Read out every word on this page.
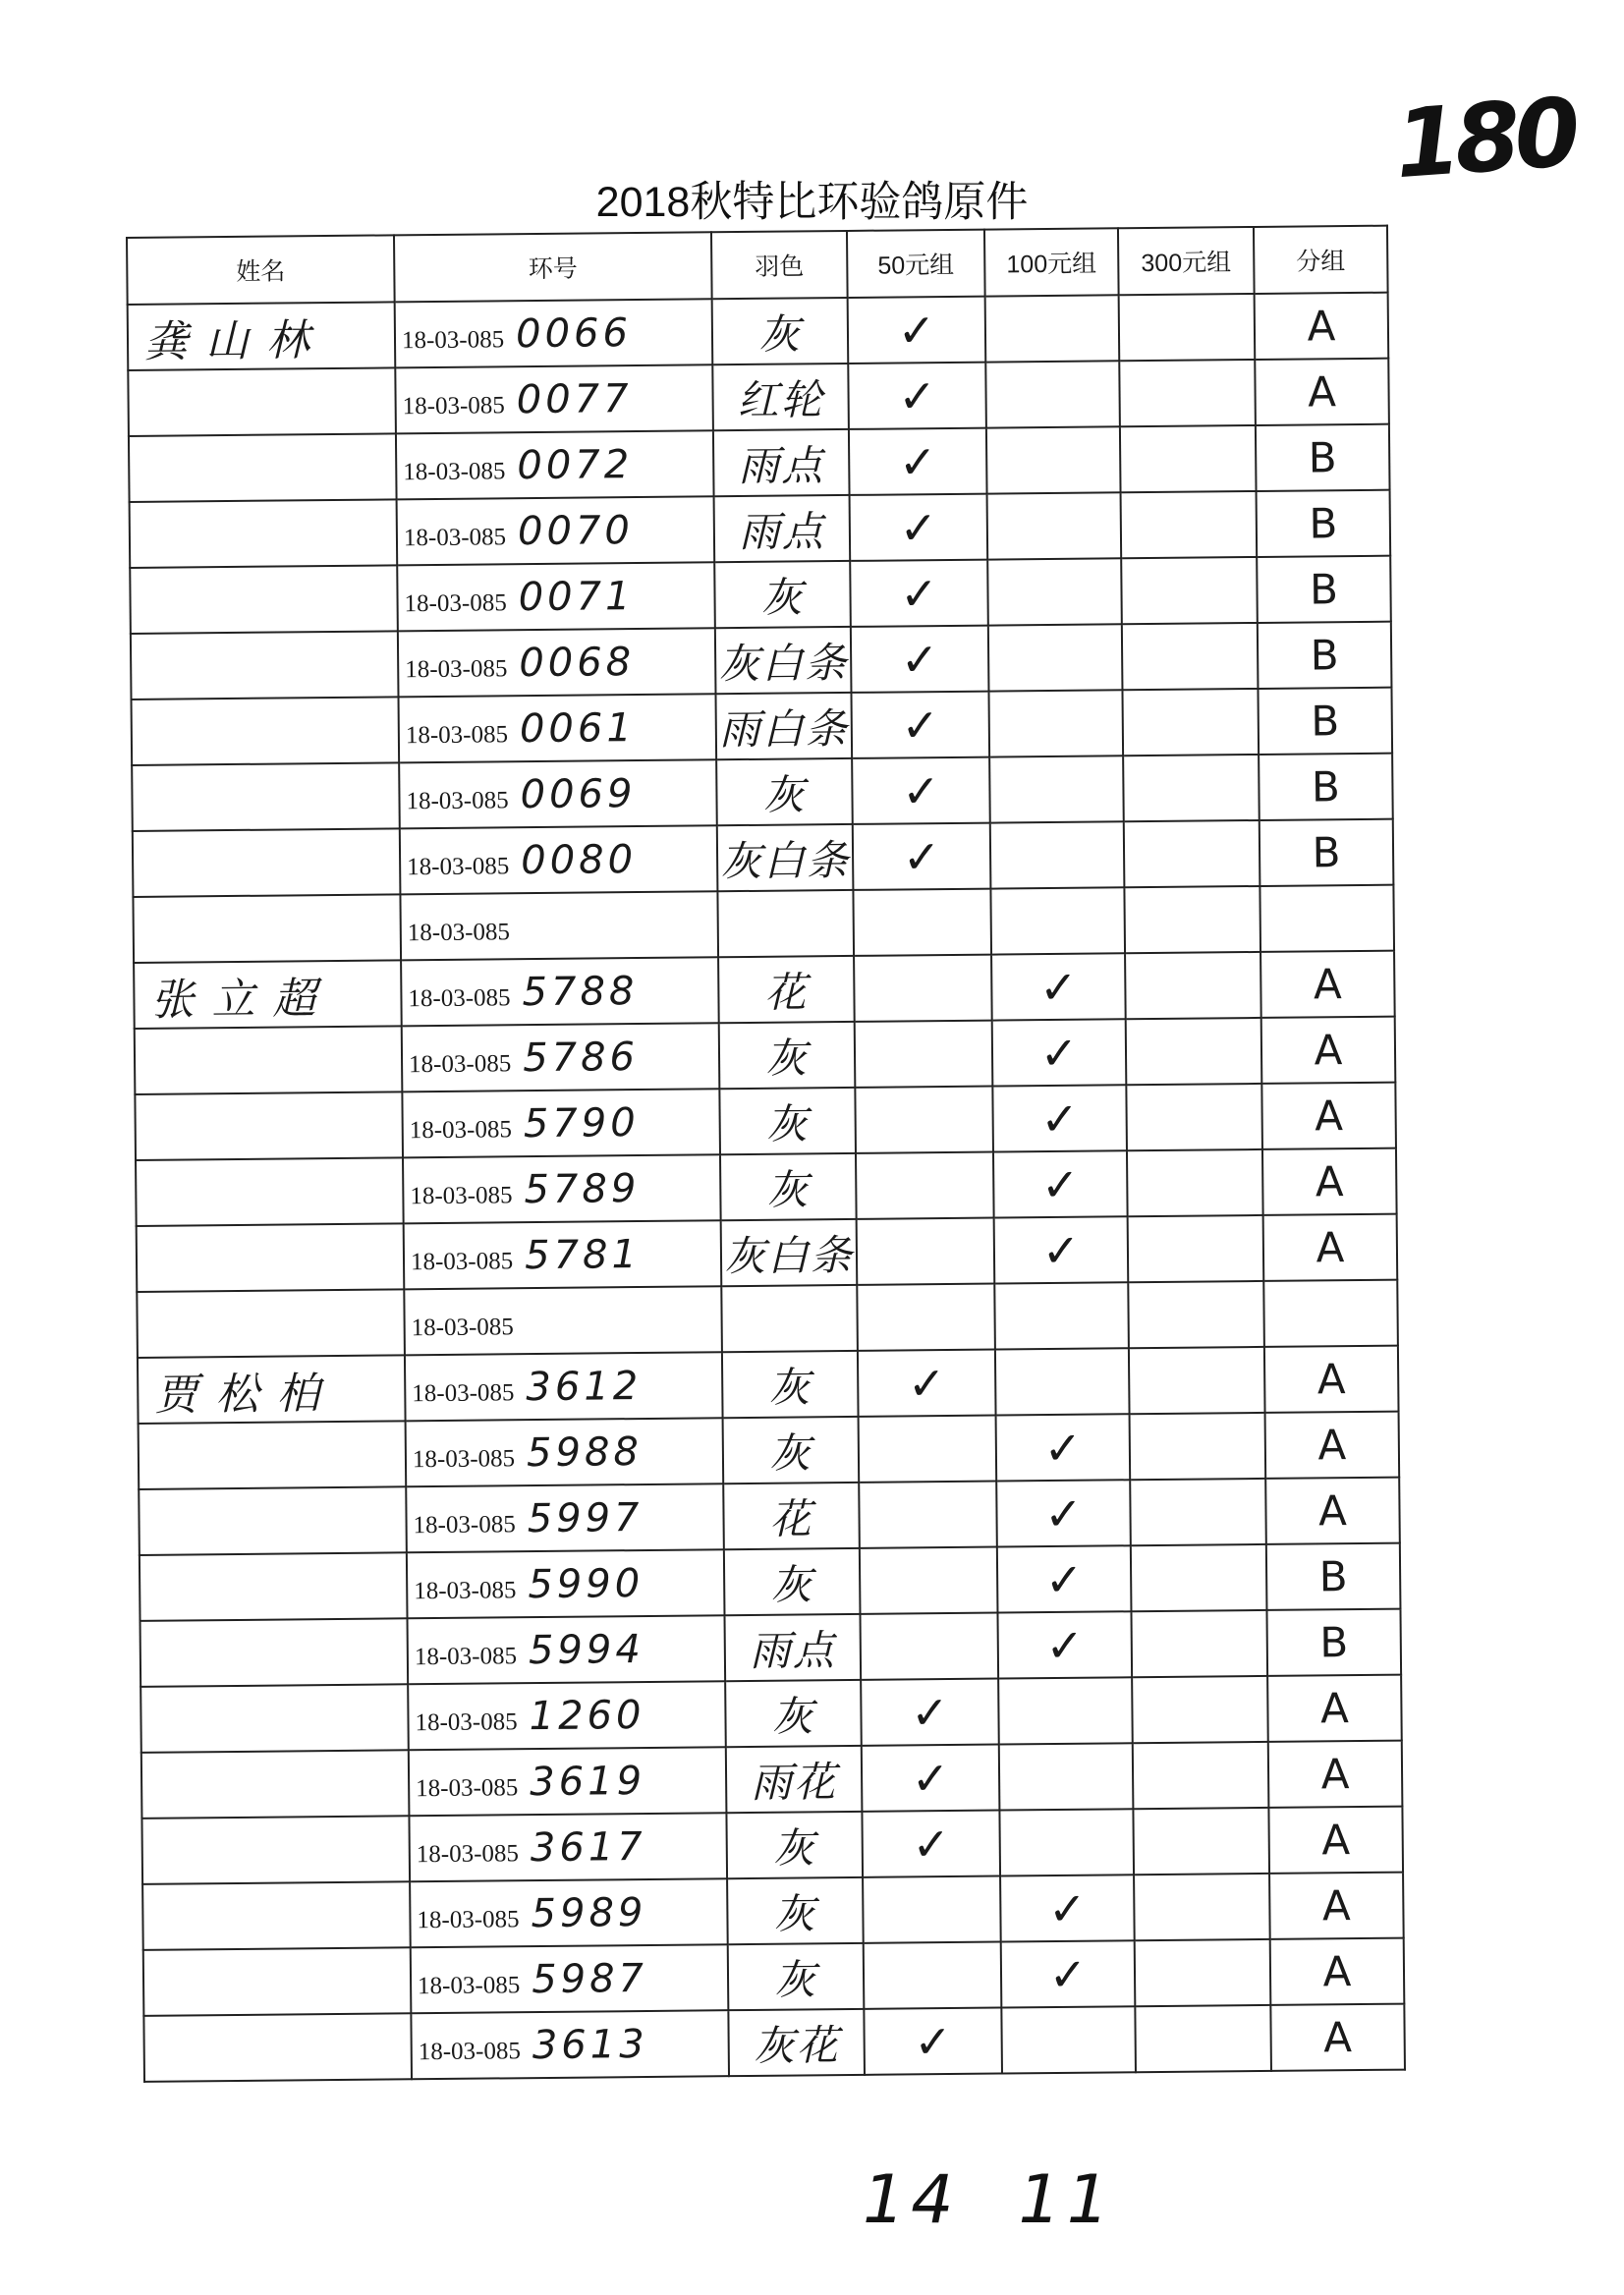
180
2018秋特比环验鸽原件
姓名	环号	羽色	50元组	100元组	300元组	分组
龚山林	18-03-085 0066	灰	✓			A
	18-03-085 0077	红轮	✓			A
	18-03-085 0072	雨点	✓			B
	18-03-085 0070	雨点	✓			B
	18-03-085 0071	灰	✓			B
	18-03-085 0068	灰白条	✓			B
	18-03-085 0061	雨白条	✓			B
	18-03-085 0069	灰	✓			B
	18-03-085 0080	灰白条	✓			B
	18-03-085					
张立超	18-03-085 5788	花		✓		A
	18-03-085 5786	灰		✓		A
	18-03-085 5790	灰		✓		A
	18-03-085 5789	灰		✓		A
	18-03-085 5781	灰白条		✓		A
	18-03-085					
贾松柏	18-03-085 3612	灰	✓			A
	18-03-085 5988	灰		✓		A
	18-03-085 5997	花		✓		A
	18-03-085 5990	灰		✓		B
	18-03-085 5994	雨点		✓		B
	18-03-085 1260	灰	✓			A
	18-03-085 3619	雨花	✓			A
	18-03-085 3617	灰	✓			A
	18-03-085 5989	灰		✓		A
	18-03-085 5987	灰		✓		A
	18-03-085 3613	灰花	✓			A
14 11
